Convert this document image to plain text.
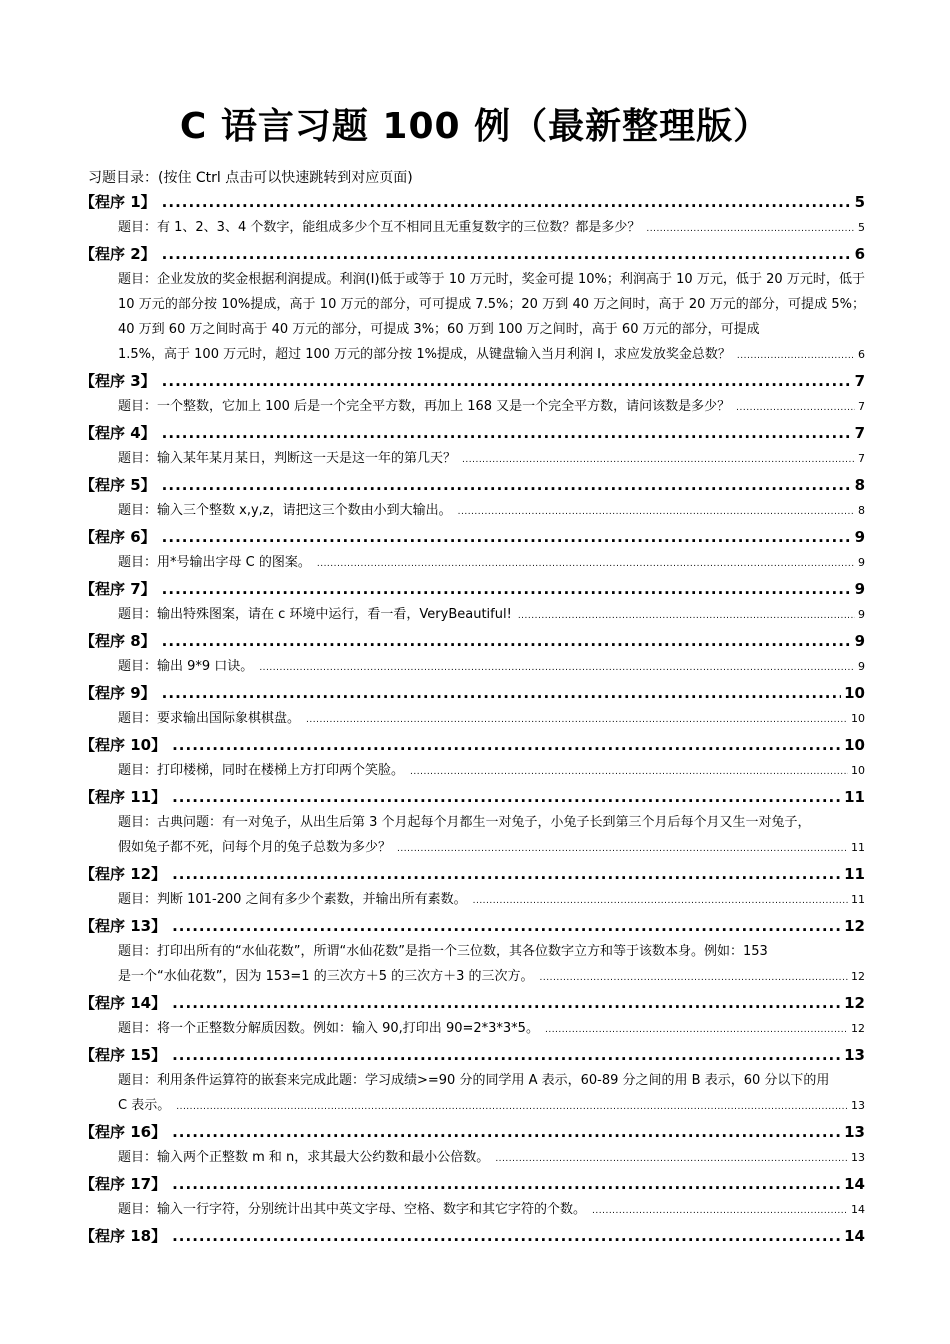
C 语言习题 100 例（最新整理版）
习题目录：(按住 Ctrl 点击可以快速跳转到对应页面)
【程序 1】 .....	5
题目：有 1、2、3、4 个数字，能组成多少个互不相同且无重复数字的三位数？都是多少？ .....	5
【程序 2】 .....	6
题目：企业发放的奖金根据利润提成。利润(I)低于或等于 10 万元时，奖金可提 10%；利润高于 10 万元，低于 20 万元时，低于 10 万元的部分按 10%提成，高于 10 万元的部分，可可提成 7.5%；20 万到 40 万之间时，高于 20 万元的部分，可提成 5%；40 万到 60 万之间时高于 40 万元的部分，可提成 3%；60 万到 100 万之间时，高于 60 万元的部分，可提成
1.5%，高于 100 万元时，超过 100 万元的部分按 1%提成，从键盘输入当月利润 I，求应发放奖金总数？ .....	6
【程序 3】 .....	7
题目：一个整数，它加上 100 后是一个完全平方数，再加上 168 又是一个完全平方数，请问该数是多少？ .....	7
【程序 4】 .....	7
题目：输入某年某月某日，判断这一天是这一年的第几天？ .....	7
【程序 5】 .....	8
题目：输入三个整数 x,y,z，请把这三个数由小到大输出。 .....	8
【程序 6】 .....	9
题目：用*号输出字母 C 的图案。 .....	9
【程序 7】 .....	9
题目：输出特殊图案，请在 c 环境中运行，看一看，VeryBeautiful! .....	9
【程序 8】 .....	9
题目：输出 9*9 口诀。 .....	9
【程序 9】 .....	10
题目：要求输出国际象棋棋盘。 .....	10
【程序 10】 .....	10
题目：打印楼梯，同时在楼梯上方打印两个笑脸。 .....	10
【程序 11】 .....	11
题目：古典问题：有一对兔子，从出生后第 3 个月起每个月都生一对兔子，小兔子长到第三个月后每个月又生一对兔子，
假如兔子都不死，问每个月的兔子总数为多少？ .....	11
【程序 12】 .....	11
题目：判断 101-200 之间有多少个素数，并输出所有素数。 .....	11
【程序 13】 .....	12
题目：打印出所有的“水仙花数”，所谓“水仙花数”是指一个三位数，其各位数字立方和等于该数本身。例如：153
是一个“水仙花数”，因为 153=1 的三次方＋5 的三次方＋3 的三次方。 .....	12
【程序 14】 .....	12
题目：将一个正整数分解质因数。例如：输入 90,打印出 90=2*3*3*5。 .....	12
【程序 15】 .....	13
题目：利用条件运算符的嵌套来完成此题：学习成绩>=90 分的同学用 A 表示，60-89 分之间的用 B 表示，60 分以下的用
C 表示。 .....	13
【程序 16】 .....	13
题目：输入两个正整数 m 和 n，求其最大公约数和最小公倍数。 .....	13
【程序 17】 .....	14
题目：输入一行字符，分别统计出其中英文字母、空格、数字和其它字符的个数。 .....	14
【程序 18】 .....	14
